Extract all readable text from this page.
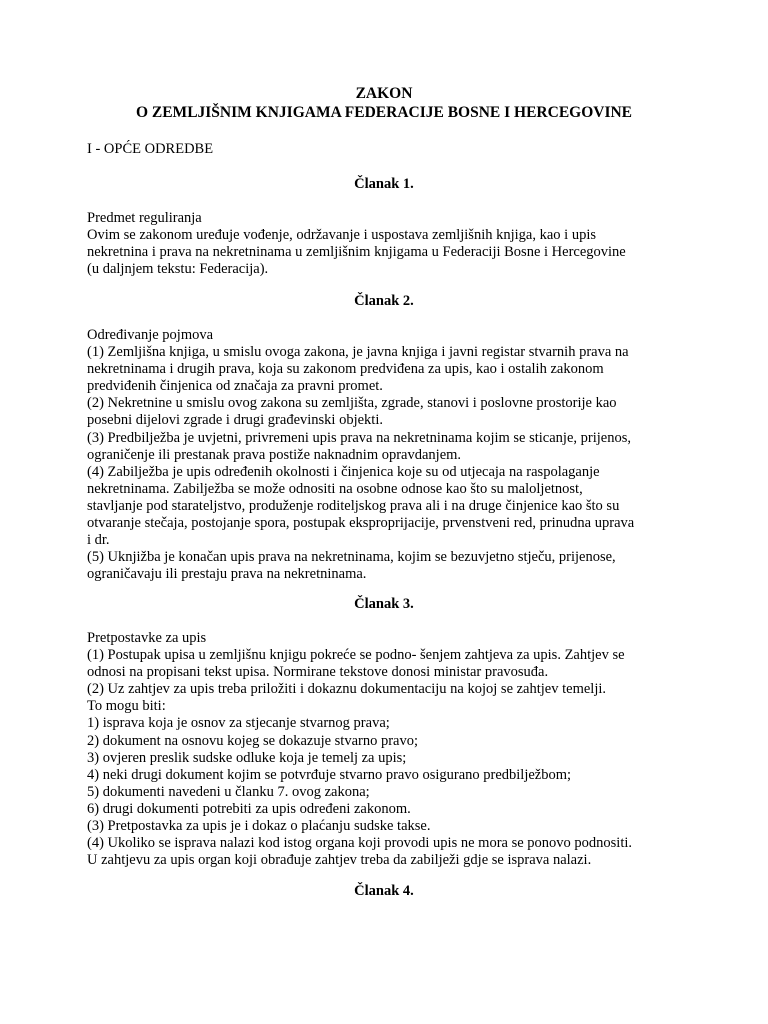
ZAKON
O ZEMLJIŠNIM KNJIGAMA FEDERACIJE BOSNE I HERCEGOVINE

I - OPĆE ODREDBE

Članak 1.
Predmet reguliranja
Ovim se zakonom uređuje vođenje, održavanje i uspostava zemljišnih knjiga, kao i upis
nekretnina i prava na nekretninama u zemljišnim knjigama u Federaciji Bosne i Hercegovine
(u daljnjem tekstu: Federacija).
Članak 2.
Određivanje pojmova
(1) Zemljišna knjiga, u smislu ovoga zakona, je javna knjiga i javni registar stvarnih prava na
nekretninama i drugih prava, koja su zakonom predviđena za upis, kao i ostalih zakonom
predviđenih činjenica od značaja za pravni promet.
(2) Nekretnine u smislu ovog zakona su zemljišta, zgrade, stanovi i poslovne prostorije kao
posebni dijelovi zgrade i drugi građevinski objekti.
(3) Predbilježba je uvjetni, privremeni upis prava na nekretninama kojim se sticanje, prijenos,
ograničenje ili prestanak prava postiže naknadnim opravdanjem.
(4) Zabilježba je upis određenih okolnosti i činjenica koje su od utjecaja na raspolaganje
nekretninama. Zabilježba se može odnositi na osobne odnose kao što su maloljetnost,
stavljanje pod starateljstvo, produženje roditeljskog prava ali i na druge činjenice kao što su
otvaranje stečaja, postojanje spora, postupak eksproprijacije, prvenstveni red, prinudna uprava
i dr.
(5) Uknjižba je konačan upis prava na nekretninama, kojim se bezuvjetno stječu, prijenose,
ograničavaju ili prestaju prava na nekretninama.
Članak 3.
Pretpostavke za upis
(1) Postupak upisa u zemljišnu knjigu pokreće se podno- šenjem zahtjeva za upis. Zahtjev se
odnosi na propisani tekst upisa. Normirane tekstove donosi ministar pravosuđa.
(2) Uz zahtjev za upis treba priložiti i dokaznu dokumentaciju na kojoj se zahtjev temelji.
To mogu biti:
1) isprava koja je osnov za stjecanje stvarnog prava;
2) dokument na osnovu kojeg se dokazuje stvarno pravo;
3) ovjeren preslik sudske odluke koja je temelj za upis;
4) neki drugi dokument kojim se potvrđuje stvarno pravo osigurano predbilježbom;
5) dokumenti navedeni u članku 7. ovog zakona;
6) drugi dokumenti potrebiti za upis određeni zakonom.
(3) Pretpostavka za upis je i dokaz o plaćanju sudske takse.
(4) Ukoliko se isprava nalazi kod istog organa koji provodi upis ne mora se ponovo podnositi.
U zahtjevu za upis organ koji obrađuje zahtjev treba da zabilježi gdje se isprava nalazi.
Članak 4.
